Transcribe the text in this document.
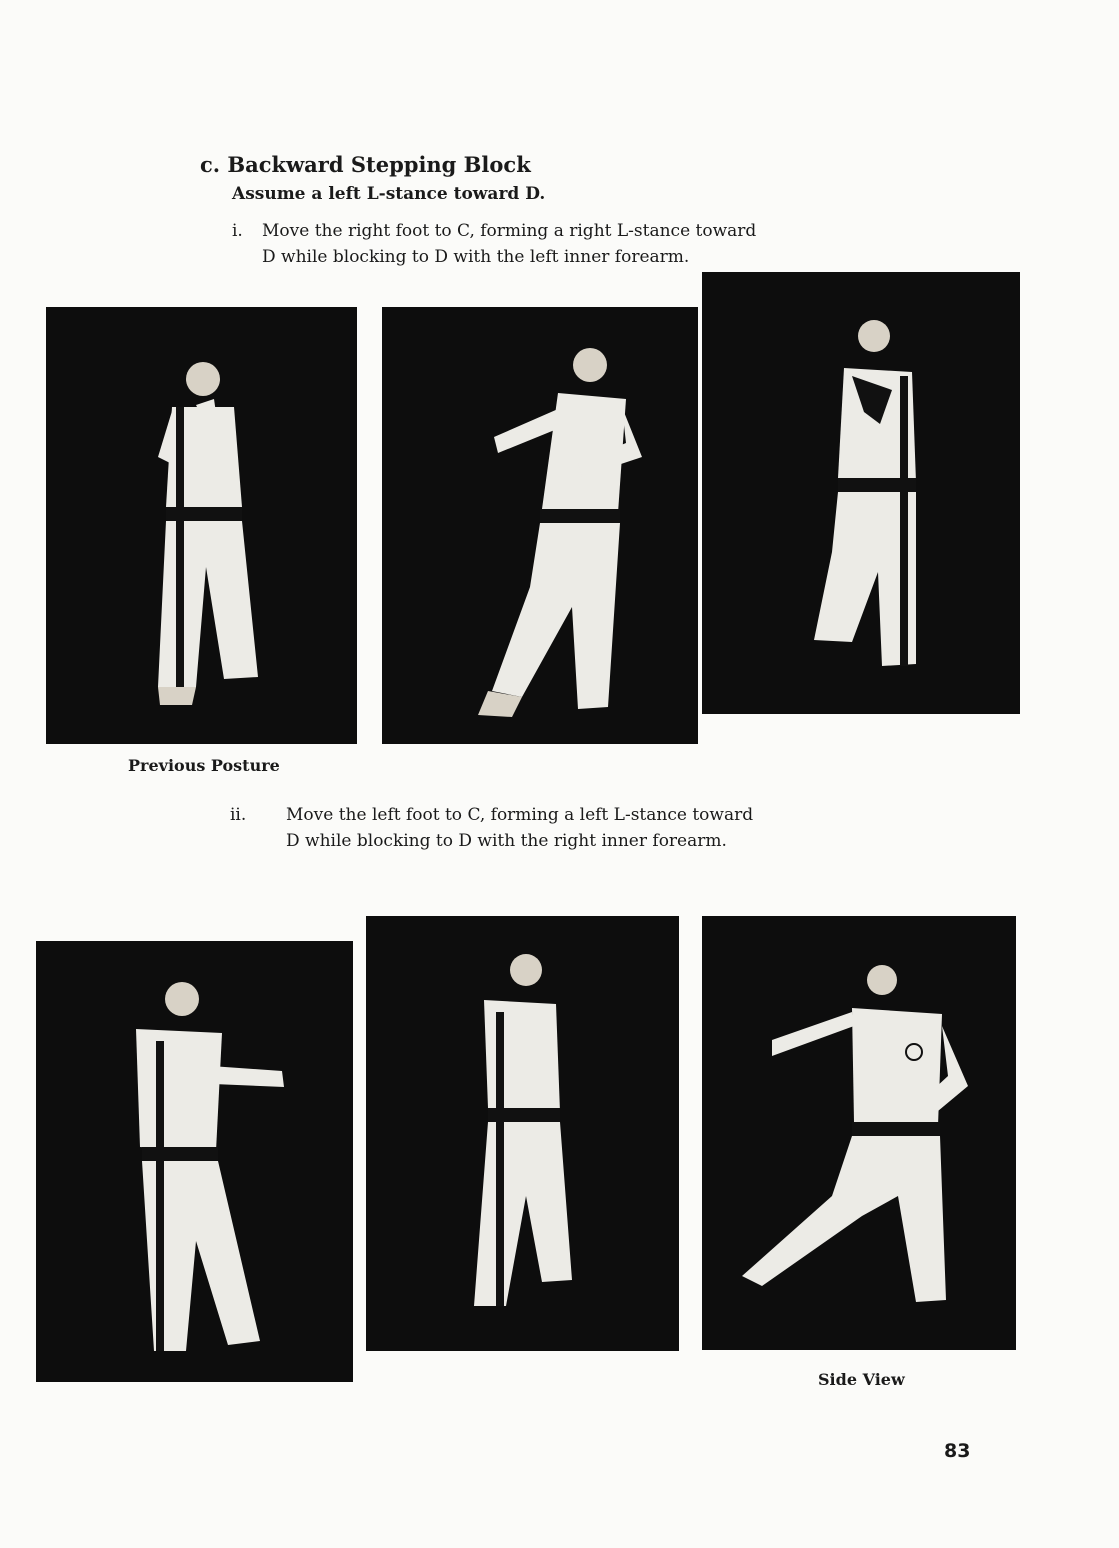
c. Backward Stepping Block
Assume a left L-stance toward D.
i. Move the right foot to C, forming a right L-stance toward
D while blocking to D with the left inner forearm.
Previous Posture
ii. Move the left foot to C, forming a left L-stance toward
D while blocking to D with the right inner forearm.
Side View
83
